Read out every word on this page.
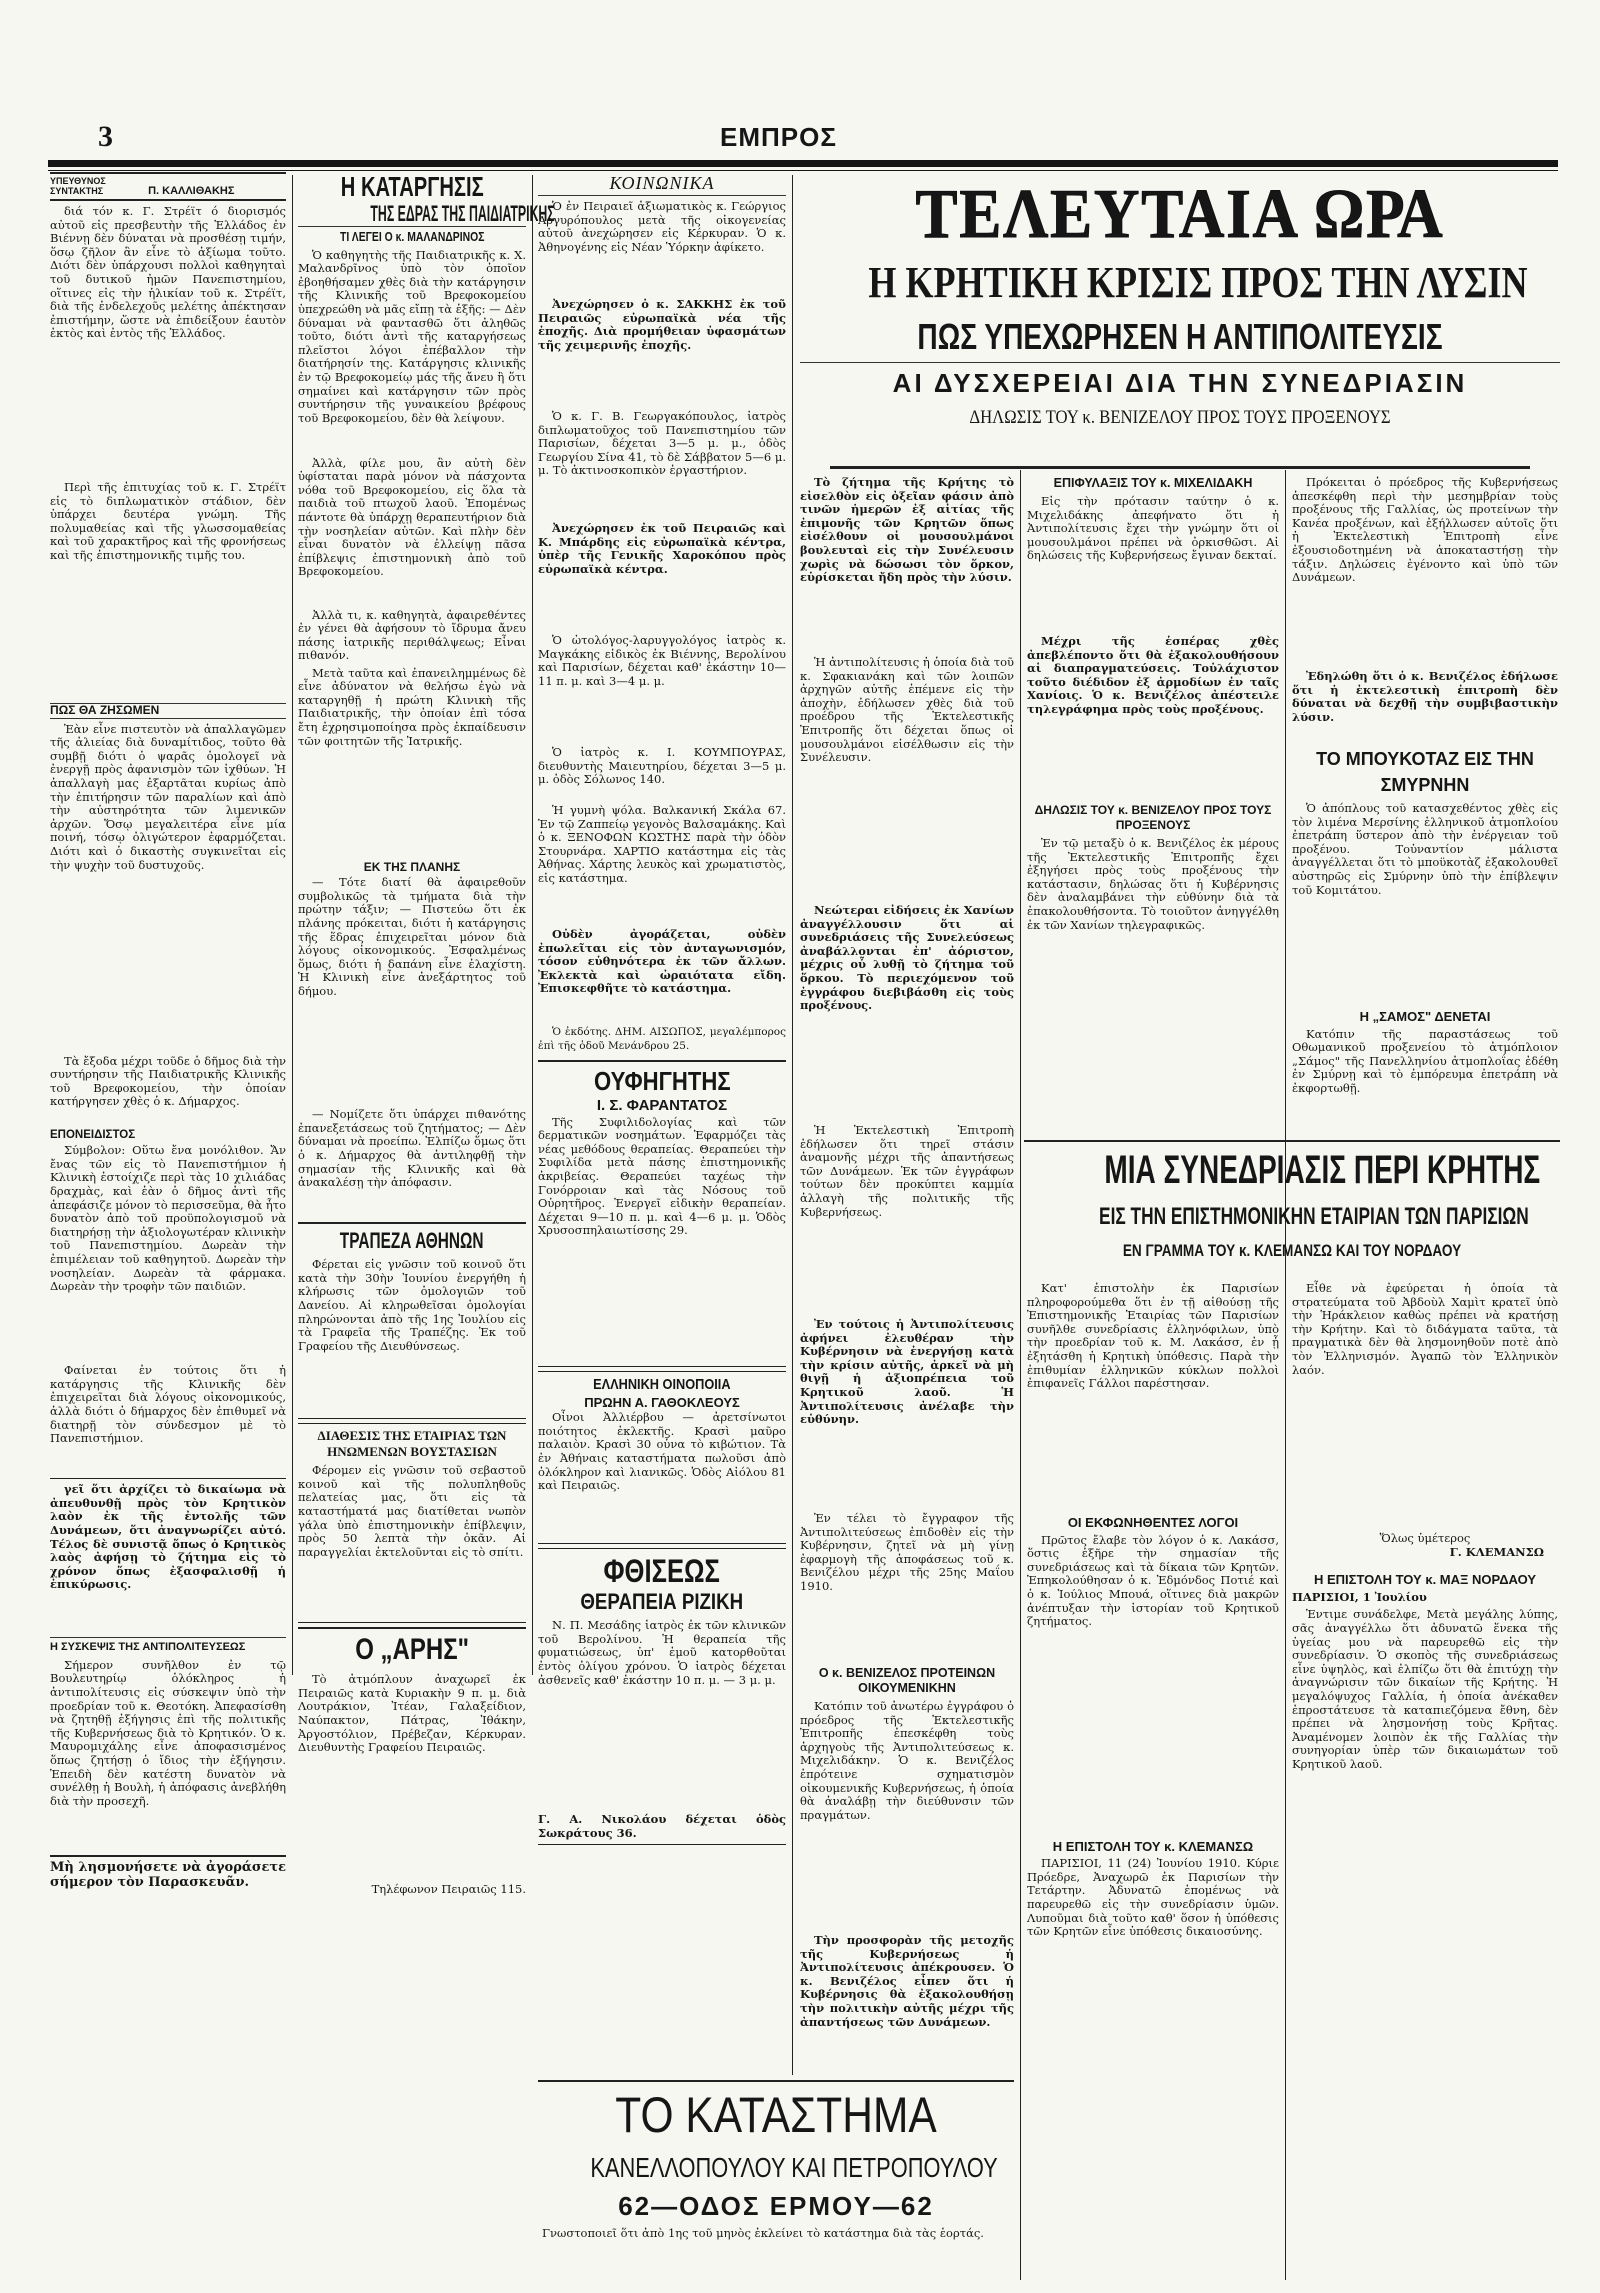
3	ΕΜΠΡΟΣ
ΥΠΕΥΘΥΝΟΣ ΣΥΝΤΑΚΤΗΣ	Π. ΚΑΛΛΙΘΑΚΗΣ

διά τόν κ. Γ. Στρέϊτ ό διορισμός αὐτοῦ εἰς πρεσβευτὴν τῆς Ἑλλάδος ἐν Βιέννῃ δὲν δύναται νὰ προσθέσῃ τιμήν, ὅσῳ ζῆλον ἂν εἶνε τὸ ἀξίωμα τοῦτο. Διότι δὲν ὑπάρχουσι πολλοὶ καθηγηταὶ τοῦ δυτικοῦ ἡμῶν Πανεπιστημίου, οἵτινες εἰς τὴν ἡλικίαν τοῦ κ. Στρέϊτ, διὰ τῆς ἐνδελεχοῦς μελέτης ἀπέκτησαν ἐπιστήμην, ὥστε νὰ ἐπιδείξουν ἑαυτὸν ἐκτὸς καὶ ἐντὸς τῆς Ἑλλάδος.

Περὶ τῆς ἐπιτυχίας τοῦ κ. Γ. Στρέϊτ εἰς τὸ διπλωματικὸν στάδιον, δὲν ὑπάρχει δευτέρα γνώμη. Τῆς πολυμαθείας καὶ τῆς γλωσσομαθείας καὶ τοῦ χαρακτῆρος καὶ τῆς φρονήσεως καὶ τῆς ἐπιστημονικῆς τιμῆς του.

ΠΩΣ ΘΑ ΖΗΣΩΜΕΝ

Ἐὰν εἶνε πιστευτὸν νὰ ἀπαλλαγῶμεν τῆς ἀλιείας διὰ δυναμίτιδος, τοῦτο θὰ συμβῇ διότι ὁ ψαρᾶς ὁμολογεῖ νὰ ἐνεργῇ πρὸς ἀφανισμὸν τῶν ἰχθύων. Ἡ ἀπαλλαγὴ μας ἐξαρτᾶται κυρίως ἀπὸ τὴν ἐπιτήρησιν τῶν παραλίων καὶ ἀπὸ τὴν αὐστηρότητα τῶν λιμενικῶν ἀρχῶν. Ὅσῳ μεγαλειτέρα εἶνε μία ποινή, τόσῳ ὀλιγώτερον ἐφαρμόζεται. Διότι καὶ ὁ δικαστὴς συγκινεῖται εἰς τὴν ψυχὴν τοῦ δυστυχοῦς.

Τὰ ἔξοδα μέχρι τοῦδε ὁ δῆμος διὰ τὴν συντήρησιν τῆς Παιδιατρικῆς Κλινικῆς τοῦ Βρεφοκομείου, τὴν ὁποίαν κατήργησεν χθὲς ὁ κ. Δήμαρχος.

ΕΠΟΝΕΙΔΙΣΤΟΣ

Σύμβολον: Οὕτω ἔνα μονόλιθον. Ἄν ἔνας τῶν εἰς τὸ Πανεπιστήμιον ἡ Κλινικὴ ἐστοίχιζε περὶ τὰς 10 χιλιάδας δραχμὰς, καὶ ἐὰν ὁ δῆμος ἀντὶ τῆς ἀπεφάσιζε μόνον τὸ περισσεῦμα, θὰ ἦτο δυνατὸν ἀπὸ τοῦ προϋπολογισμοῦ νὰ διατηρήσῃ τὴν ἀξιολογωτέραν κλινικὴν τοῦ Πανεπιστημίου. Δωρεὰν τὴν ἐπιμέλειαν τοῦ καθηγητοῦ. Δωρεὰν τὴν νοσηλείαν. Δωρεὰν τὰ φάρμακα. Δωρεὰν τὴν τροφὴν τῶν παιδιῶν.

Φαίνεται ἐν τούτοις ὅτι ἡ κατάργησις τῆς Κλινικῆς δὲν ἐπιχειρεῖται διὰ λόγους οἰκονομικούς, ἀλλὰ διότι ὁ δήμαρχος δὲν ἐπιθυμεῖ νὰ διατηρῇ τὸν σύνδεσμον μὲ τὸ Πανεπιστήμιον.

γεῖ ὅτι ἀρχίζει τὸ δικαίωμα νὰ ἀπευθυνθῇ πρὸς τὸν Κρητικὸν λαὸν ἐκ τῆς ἐντολῆς τῶν Δυνάμεων, ὅτι ἀναγνωρίζει αὐτό. Τέλος δὲ συνιστᾷ ὅπως ὁ Κρητικὸς λαὸς ἀφήσῃ τὸ ζήτημα εἰς τὸ χρόνον ὅπως ἐξασφαλισθῇ ἡ ἐπικύρωσις.

Η ΣΥΣΚΕΨΙΣ ΤΗΣ ΑΝΤΙΠΟΛΙΤΕΥΣΕΩΣ

Σήμερον συνῆλθον ἐν τῷ Βουλευτηρίῳ ὁλόκληρος ἡ ἀντιπολίτευσις εἰς σύσκεψιν ὑπὸ τὴν προεδρίαν τοῦ κ. Θεοτόκη. Ἀπεφασίσθη νὰ ζητηθῇ ἐξήγησις ἐπὶ τῆς πολιτικῆς τῆς Κυβερνήσεως διὰ τὸ Κρητικόν. Ὁ κ. Μαυρομιχάλης εἶνε ἀποφασισμένος ὅπως ζητήσῃ ὁ ἴδιος τὴν ἐξήγησιν. Ἐπειδὴ δὲν κατέστη δυνατὸν νὰ συνέλθῃ ἡ Βουλὴ, ἡ ἀπόφασις ἀνεβλήθη διὰ τὴν προσεχῆ.

Μὴ λησμονήσετε νὰ ἀγοράσετε σήμερον τὸν Παρασκευᾶν.

Η ΚΑΤΑΡΓΗΣΙΣ
ΤΗΣ ΕΔΡΑΣ ΤΗΣ ΠΑΙΔΙΑΤΡΙΚΗΣ
ΤΙ ΛΕΓΕΙ Ο κ. ΜΑΛΑΝΔΡΙΝΟΣ

Ὁ καθηγητὴς τῆς Παιδιατρικῆς κ. Χ. Μαλανδρῖνος ὑπὸ τὸν ὁποῖον ἐβοηθήσαμεν χθὲς διὰ τὴν κατάργησιν τῆς Κλινικῆς τοῦ Βρεφοκομείου ὑπεχρεώθη νὰ μᾶς εἴπῃ τὰ ἑξῆς: — Δὲν δύναμαι νὰ φαντασθῶ ὅτι ἀληθῶς τοῦτο, διότι ἀντὶ τῆς καταργήσεως πλεῖστοι λόγοι ἐπέβαλλον τὴν διατήρησίν της. Κατάργησις κλινικῆς ἐν τῷ Βρεφοκομείῳ μάς τῆς ἄνευ ἢ ὅτι σημαίνει καὶ κατάργησιν τῶν πρὸς συντήρησιν τῆς γυναικείου βρέφους τοῦ Βρεφοκομείου, δὲν θὰ λείψουν.

Ἀλλὰ, φίλε μου, ἂν αὐτὴ δὲν ὑφίσταται παρὰ μόνον νὰ πάσχοντα νόθα τοῦ Βρεφοκομείου, εἰς ὅλα τὰ παιδιὰ τοῦ πτωχοῦ λαοῦ. Ἐπομένως πάντοτε θὰ ὑπάρχῃ θεραπευτήριον διὰ τὴν νοσηλείαν αὐτῶν. Καὶ πλὴν δὲν εἶναι δυνατὸν νὰ ἐλλείψῃ πᾶσα ἐπίβλεψις ἐπιστημονικὴ ἀπὸ τοῦ Βρεφοκομείου.

Ἀλλὰ τι, κ. καθηγητὰ, ἀφαιρεθέντες ἐν γένει θὰ ἀφήσουν τὸ ἴδρυμα ἄνευ πάσης ἰατρικῆς περιθάλψεως; Εἶναι πιθανόν.

Μετὰ ταῦτα καὶ ἐπανειλημμένως δὲ εἶνε ἀδύνατον νὰ θελήσω ἐγὼ νὰ καταργηθῇ ἡ πρώτη Κλινικὴ τῆς Παιδιατρικῆς, τὴν ὁποίαν ἐπὶ τόσα ἔτη ἐχρησιμοποίησα πρὸς ἐκπαίδευσιν τῶν φοιτητῶν τῆς Ἰατρικῆς.

ΕΚ ΤΗΣ ΠΛΑΝΗΣ

— Τότε διατί θὰ ἀφαιρεθοῦν συμβολικῶς τὰ τμήματα διὰ τὴν πρώτην τάξιν; — Πιστεύω ὅτι ἐκ πλάνης πρόκειται, διότι ἡ κατάργησις τῆς ἕδρας ἐπιχειρεῖται μόνον διὰ λόγους οἰκονομικούς. Ἐσφαλμένως ὅμως, διότι ἡ δαπάνη εἶνε ἐλαχίστη. Ἡ Κλινικὴ εἶνε ἀνεξάρτητος τοῦ δήμου.

— Νομίζετε ὅτι ὑπάρχει πιθανότης ἐπανεξετάσεως τοῦ ζητήματος; — Δὲν δύναμαι νὰ προείπω. Ἐλπίζω ὅμως ὅτι ὁ κ. Δήμαρχος θὰ ἀντιληφθῇ τὴν σημασίαν τῆς Κλινικῆς καὶ θὰ ἀνακαλέσῃ τὴν ἀπόφασιν.

ΤΡΑΠΕΖΑ ΑΘΗΝΩΝ

Φέρεται εἰς γνῶσιν τοῦ κοινοῦ ὅτι κατὰ τὴν 30ὴν Ἰουνίου ἐνεργήθη ἡ κλήρωσις τῶν ὁμολογιῶν τοῦ Δανείου. Αἱ κληρωθεῖσαι ὁμολογίαι πληρώνονται ἀπὸ τῆς 1ης Ἰουλίου εἰς τὰ Γραφεῖα τῆς Τραπέζης. Ἐκ τοῦ Γραφείου τῆς Διευθύνσεως.

ΔΙΑΘΕΣΙΣ ΤΗΣ ΕΤΑΙΡΙΑΣ ΤΩΝ ΗΝΩΜΕΝΩΝ ΒΟΥΣΤΑΣΙΩΝ

Φέρομεν εἰς γνῶσιν τοῦ σεβαστοῦ κοινοῦ καὶ τῆς πολυπληθοῦς πελατείας μας, ὅτι εἰς τὰ καταστήματά μας διατίθεται νωπὸν γάλα ὑπὸ ἐπιστημονικὴν ἐπίβλεψιν, πρὸς 50 λεπτὰ τὴν ὀκᾶν. Αἱ παραγγελίαι ἐκτελοῦνται εἰς τὸ σπίτι.

Ο „ΑΡΗΣ"

Τὸ ἀτμόπλουν ἀναχωρεῖ ἐκ Πειραιῶς κατὰ Κυριακὴν 9 π. μ. διὰ Λουτράκιον, Ἰτέαν, Γαλαξείδιον, Ναύπακτον, Πάτρας, Ἰθάκην, Ἀργοστόλιον, Πρέβεζαν, Κέρκυραν. Διευθυντὴς Γραφείου Πειραιῶς.

Τηλέφωνον Πειραιῶς 115.

ΚΟΙΝΩΝΙΚΑ

Ὁ ἐν Πειραιεῖ ἀξιωματικὸς κ. Γεώργιος Ἀργυρόπουλος μετὰ τῆς οἰκογενείας αὐτοῦ ἀνεχώρησεν εἰς Κέρκυραν. Ὁ κ. Ἀθηνογένης εἰς Νέαν Ὑόρκην ἀφίκετο.

Ἀνεχώρησεν ὁ κ. ΣΑΚΚΗΣ ἐκ τοῦ Πειραιῶς εὐρωπαϊκὰ νέα τῆς ἐποχῆς. Διὰ προμήθειαν ὑφασμάτων τῆς χειμερινῆς ἐποχῆς.

Ὁ κ. Γ. Β. Γεωργακόπουλος, ἰατρὸς διπλωματοῦχος τοῦ Πανεπιστημίου τῶν Παρισίων, δέχεται 3—5 μ. μ., ὁδὸς Γεωργίου Σίνα 41, τὸ δὲ Σάββατον 5—6 μ. μ. Τὸ ἀκτινοσκοπικὸν ἐργαστήριον.

Ἀνεχώρησεν ἐκ τοῦ Πειραιῶς καὶ Κ. Μπάρδης εἰς εὐρωπαϊκὰ κέντρα, ὑπὲρ τῆς Γενικῆς Χαροκόπου πρὸς εὐρωπαϊκὰ κέντρα.

Ὁ ὠτολόγος-λαρυγγολόγος ἰατρὸς κ. Μαγκάκης εἰδικὸς ἐκ Βιέννης, Βερολίνου καὶ Παρισίων, δέχεται καθ' ἑκάστην 10—11 π. μ. καὶ 3—4 μ. μ.

Ὁ ἰατρὸς κ. Ι. ΚΟΥΜΠΟΥΡΑΣ, διευθυντὴς Μαιευτηρίου, δέχεται 3—5 μ. μ. ὁδὸς Σόλωνος 140.

Ἡ γυμνὴ ψόλα. Βαλκανική Σκάλα 67. Ἐν τῷ Ζαππείῳ γεγονὸς Βαλσαμάκης. Καὶ ὁ κ. ΞΕΝΟΦΩΝ ΚΩΣΤΗΣ παρὰ τὴν ὁδὸν Στουρνάρα. ΧΑΡΤΙΟ κατάστημα εἰς τὰς Ἀθήνας. Χάρτης λευκὸς καὶ χρωματιστὸς, εἰς κατάστημα.

Οὐδὲν ἀγοράζεται, οὐδὲν ἐπωλεῖται εἰς τὸν ἀνταγωνισμόν, τόσον εὐθηνότερα ἐκ τῶν ἄλλων. Ἐκλεκτὰ καὶ ὠραιότατα εἴδη. Ἐπισκεφθῆτε τὸ κατάστημα.

Ὁ ἐκδότης. ΔΗΜ. ΑΙΣΩΠΟΣ, μεγαλέμπορος ἐπὶ τῆς ὁδοῦ Μενάνδρου 25.

ΟΥΦΗΓΗΤΗΣ
Ι. Σ. ΦΑΡΑΝΤΑΤΟΣ

Τῆς Συφιλιδολογίας καὶ τῶν δερματικῶν νοσημάτων. Ἐφαρμόζει τὰς νέας μεθόδους θεραπείας. Θεραπεύει τὴν Συφιλίδα μετὰ πάσης ἐπιστημονικῆς ἀκριβείας. Θεραπεύει ταχέως τὴν Γονόρροιαν καὶ τὰς Νόσους τοῦ Οὐρητῆρος. Ἐνεργεῖ εἰδικὴν θεραπείαν. Δέχεται 9—10 π. μ. καὶ 4—6 μ. μ. Ὁδὸς Χρυσοσπηλαιωτίσσης 29.

ΕΛΛΗΝΙΚΗ ΟΙΝΟΠΟΙΙΑ
ΠΡΩΗΝ Α. ΓΑΘΟΚΛΕΟΥΣ

Οἶνοι Ἀλλιέρβου — ἀρετσίνωτοι ποιότητος ἐκλεκτῆς. Κρασὶ μαῦρο παλαιὸν. Κρασὶ 30 οὖνα τὸ κιβώτιον. Τὰ ἐν Ἀθήναις καταστήματα πωλοῦσι ἀπὸ ὁλόκληρον καὶ λιανικῶς. Ὁδὸς Αἰόλου 81 καὶ Πειραιῶς.

ΦΘΙΣΕΩΣ
ΘΕΡΑΠΕΙΑ ΡΙΖΙΚΗ

Ν. Π. Μεσάδης ἰατρὸς ἐκ τῶν κλινικῶν τοῦ Βερολίνου. Ἡ θεραπεία τῆς φυματιώσεως, ὑπ' ἐμοῦ κατορθοῦται ἐντὸς ὀλίγου χρόνου. Ὁ ἰατρὸς δέχεται ἀσθενεῖς καθ' ἑκάστην 10 π. μ. — 3 μ. μ.

Γ. Α. Νικολάου δέχεται ὁδὸς Σωκράτους 36.

ΤΕΛΕΥΤΑΙΑ ΩΡΑ
Η ΚΡΗΤΙΚΗ ΚΡΙΣΙΣ ΠΡΟΣ ΤΗΝ ΛΥΣΙΝ
ΠΩΣ ΥΠΕΧΩΡΗΣΕΝ Η ΑΝΤΙΠΟΛΙΤΕΥΣΙΣ
ΑΙ ΔΥΣΧΕΡΕΙΑΙ ΔΙΑ ΤΗΝ ΣΥΝΕΔΡΙΑΣΙΝ
ΔΗΛΩΣΙΣ ΤΟΥ κ. ΒΕΝΙΖΕΛΟΥ ΠΡΟΣ ΤΟΥΣ ΠΡΟΞΕΝΟΥΣ

Τὸ ζήτημα τῆς Κρήτης τὸ εἰσελθὸν εἰς ὀξεῖαν φάσιν ἀπὸ τινῶν ἡμερῶν ἐξ αἰτίας τῆς ἐπιμονῆς τῶν Κρητῶν ὅπως εἰσέλθουν οἱ μουσουλμάνοι βουλευταὶ εἰς τὴν Συνέλευσιν χωρὶς νὰ δώσωσι τὸν ὅρκον, εὑρίσκεται ἤδη πρὸς τὴν λύσιν.

Ἡ ἀντιπολίτευσις ἡ ὁποία διὰ τοῦ κ. Σφακιανάκη καὶ τῶν λοιπῶν ἀρχηγῶν αὐτῆς ἐπέμενε εἰς τὴν ἀποχὴν, ἐδήλωσεν χθὲς διὰ τοῦ προέδρου τῆς Ἐκτελεστικῆς Ἐπιτροπῆς ὅτι δέχεται ὅπως οἱ μουσουλμάνοι εἰσέλθωσιν εἰς τὴν Συνέλευσιν.

Νεώτεραι εἰδήσεις ἐκ Χανίων ἀναγγέλλουσιν ὅτι αἱ συνεδριάσεις τῆς Συνελεύσεως ἀναβάλλονται ἐπ' ἀόριστον, μέχρις οὗ λυθῇ τὸ ζήτημα τοῦ ὅρκου. Τὸ περιεχόμενον τοῦ ἐγγράφου διεβιβάσθη εἰς τοὺς προξένους.

Ἡ Ἐκτελεστικὴ Ἐπιτροπὴ ἐδήλωσεν ὅτι τηρεῖ στάσιν ἀναμονῆς μέχρι τῆς ἀπαντήσεως τῶν Δυνάμεων. Ἐκ τῶν ἐγγράφων τούτων δὲν προκύπτει καμμία ἀλλαγὴ τῆς πολιτικῆς τῆς Κυβερνήσεως.

Ἐν τούτοις ἡ Ἀντιπολίτευσις ἀφήνει ἐλευθέραν τὴν Κυβέρνησιν νὰ ἐνεργήσῃ κατὰ τὴν κρίσιν αὐτῆς, ἀρκεῖ νὰ μὴ θιγῇ ἡ ἀξιοπρέπεια τοῦ Κρητικοῦ λαοῦ. Ἡ Ἀντιπολίτευσις ἀνέλαβε τὴν εὐθύνην.

Ἐν τέλει τὸ ἔγγραφον τῆς Ἀντιπολιτεύσεως ἐπιδοθὲν εἰς τὴν Κυβέρνησιν, ζητεῖ νὰ μὴ γίνῃ ἐφαρμογὴ τῆς ἀποφάσεως τοῦ κ. Βενιζέλου μέχρι τῆς 25ης Μαΐου 1910.

Ο κ. ΒΕΝΙΖΕΛΟΣ ΠΡΟΤΕΙΝΩΝ ΟΙΚΟΥΜΕΝΙΚΗΝ

Κατόπιν τοῦ ἀνωτέρω ἐγγράφου ὁ πρόεδρος τῆς Ἐκτελεστικῆς Ἐπιτροπῆς ἐπεσκέφθη τοὺς ἀρχηγοὺς τῆς Ἀντιπολιτεύσεως κ. Μιχελιδάκην. Ὁ κ. Βενιζέλος ἐπρότεινε σχηματισμὸν οἰκουμενικῆς Κυβερνήσεως, ἡ ὁποία θὰ ἀναλάβῃ τὴν διεύθυνσιν τῶν πραγμάτων.

Τὴν προσφορὰν τῆς μετοχῆς τῆς Κυβερνήσεως ἡ Ἀντιπολίτευσις ἀπέκρουσεν. Ὁ κ. Βενιζέλος εἶπεν ὅτι ἡ Κυβέρνησις θὰ ἐξακολουθήσῃ τὴν πολιτικὴν αὐτῆς μέχρι τῆς ἀπαντήσεως τῶν Δυνάμεων.

ΕΠΙΦΥΛΑΞΙΣ ΤΟΥ κ. ΜΙΧΕΛΙΔΑΚΗ

Εἰς τὴν πρότασιν ταύτην ὁ κ. Μιχελιδάκης ἀπεφήνατο ὅτι ἡ Ἀντιπολίτευσις ἔχει τὴν γνώμην ὅτι οἱ μουσουλμάνοι πρέπει νὰ ὀρκισθῶσι. Αἱ δηλώσεις τῆς Κυβερνήσεως ἔγιναν δεκταί.

Μέχρι τῆς ἑσπέρας χθὲς ἀπεβλέποντο ὅτι θὰ ἐξακολουθήσουν αἱ διαπραγματεύσεις. Τοὐλάχιστον τοῦτο διέδιδον ἐξ ἀρμοδίων ἐν ταῖς Χανίοις. Ὁ κ. Βενιζέλος ἀπέστειλε τηλεγράφημα πρὸς τοὺς προξένους.

ΔΗΛΩΣΙΣ ΤΟΥ κ. ΒΕΝΙΖΕΛΟΥ ΠΡΟΣ ΤΟΥΣ ΠΡΟΞΕΝΟΥΣ

Ἐν τῷ μεταξὺ ὁ κ. Βενιζέλος ἐκ μέρους τῆς Ἐκτελεστικῆς Ἐπιτροπῆς ἔχει ἐξηγήσει πρὸς τοὺς προξένους τὴν κατάστασιν, δηλώσας ὅτι ἡ Κυβέρνησις δὲν ἀναλαμβάνει τὴν εὐθύνην διὰ τὰ ἐπακολουθήσοντα. Τὸ τοιοῦτον ἀνηγγέλθη ἐκ τῶν Χανίων τηλεγραφικῶς.

Πρόκειται ὁ πρόεδρος τῆς Κυβερνήσεως ἀπεσκέφθη περὶ τὴν μεσημβρίαν τοὺς προξένους τῆς Γαλλίας, ὡς προτείνων τὴν Κανέα προξένων, καὶ ἐξήλλωσεν αὐτοῖς ὅτι ἡ Ἐκτελεστικὴ Ἐπιτροπὴ εἶνε ἐξουσιοδοτημένη νὰ ἀποκαταστήσῃ τὴν τάξιν. Δηλώσεις ἐγένοντο καὶ ὑπὸ τῶν Δυνάμεων.

Ἐδηλώθη ὅτι ὁ κ. Βενιζέλος ἐδήλωσε ὅτι ἡ ἐκτελεστικὴ ἐπιτροπὴ δὲν δύναται νὰ δεχθῇ τὴν συμβιβαστικὴν λύσιν.

ΤΟ ΜΠΟΥΚΟΤΑΖ ΕΙΣ ΤΗΝ ΣΜΥΡΝΗΝ

Ὁ ἀπόπλους τοῦ κατασχεθέντος χθὲς εἰς τὸν λιμένα Μερσίνης ἑλληνικοῦ ἀτμοπλοίου ἐπετράπη ὕστερον ἀπὸ τὴν ἐνέργειαν τοῦ προξένου. Τοὐναντίον μάλιστα ἀναγγέλλεται ὅτι τὸ μποϋκοτὰζ ἐξακολουθεῖ αὐστηρῶς εἰς Σμύρνην ὑπὸ τὴν ἐπίβλεψιν τοῦ Κομιτάτου.

Η „ΣΑΜΟΣ" ΔΕΝΕΤΑΙ

Κατόπιν τῆς παραστάσεως τοῦ Οθωμανικοῦ προξενείου τὸ ἀτμόπλοιον „Σάμος" τῆς Πανελληνίου ἀτμοπλοΐας ἐδέθη ἐν Σμύρνῃ καὶ τὸ ἐμπόρευμα ἐπετράπη νὰ ἐκφορτωθῇ.

ΜΙΑ ΣΥΝΕΔΡΙΑΣΙΣ ΠΕΡΙ ΚΡΗΤΗΣ
ΕΙΣ ΤΗΝ ΕΠΙΣΤΗΜΟΝΙΚΗΝ ΕΤΑΙΡΙΑΝ ΤΩΝ ΠΑΡΙΣΙΩΝ
ΕΝ ΓΡΑΜΜΑ ΤΟΥ κ. ΚΛΕΜΑΝΣΩ ΚΑΙ ΤΟΥ ΝΟΡΔΑΟΥ

Κατ' ἐπιστολὴν ἐκ Παρισίων πληροφορούμεθα ὅτι ἐν τῇ αἰθούσῃ τῆς Ἐπιστημονικῆς Ἑταιρίας τῶν Παρισίων συνῆλθε συνεδρίασις ἑλληνόφιλων, ὑπὸ τὴν προεδρίαν τοῦ κ. Μ. Λακάσσ, ἐν ᾗ ἐξητάσθη ἡ Κρητικὴ ὑπόθεσις. Παρὰ τὴν ἐπιθυμίαν ἑλληνικῶν κύκλων πολλοὶ ἐπιφανεῖς Γάλλοι παρέστησαν.

ΟΙ ΕΚΦΩΝΗΘΕΝΤΕΣ ΛΟΓΟΙ

Πρῶτος ἔλαβε τὸν λόγον ὁ κ. Λακάσσ, ὅστις ἐξῆρε τὴν σημασίαν τῆς συνεδριάσεως καὶ τὰ δίκαια τῶν Κρητῶν. Ἐπηκολούθησαν ὁ κ. Ἐδμόνδος Ποτιέ καὶ ὁ κ. Ἰούλιος Μπουά, οἵτινες διὰ μακρῶν ἀνέπτυξαν τὴν ἱστορίαν τοῦ Κρητικοῦ ζητήματος.

Η ΕΠΙΣΤΟΛΗ ΤΟΥ κ. ΚΛΕΜΑΝΣΩ

ΠΑΡΙΣΙΟΙ, 11 (24) Ἰουνίου 1910. Κύριε Πρόεδρε, Ἀναχωρῶ ἐκ Παρισίων τὴν Τετάρτην. Ἀδυνατῶ ἑπομένως νὰ παρευρεθῶ εἰς τὴν συνεδρίασιν ὑμῶν. Λυποῦμαι διὰ τοῦτο καθ' ὅσον ἡ ὑπόθεσις τῶν Κρητῶν εἶνε ὑπόθεσις δικαιοσύνης.

Εἶθε νὰ ἐφεύρεται ἡ ὁποία τὰ στρατεύματα τοῦ Ἀβδοὺλ Χαμὶτ κρατεῖ ὑπὸ τὴν Ἡράκλειον καθὼς πρέπει νὰ κρατήσῃ τὴν Κρήτην. Καὶ τὸ διδάγματα ταῦτα, τὰ πραγματικὰ δὲν θὰ λησμονηθοῦν ποτὲ ἀπὸ τὸν Ἑλληνισμόν. Ἀγαπῶ τὸν Ἑλληνικὸν λαόν.

Ὅλως ὑμέτερος
Γ. ΚΛΕΜΑΝΣΩ
Η ΕΠΙΣΤΟΛΗ ΤΟΥ κ. ΜΑΞ ΝΟΡΔΑΟΥ
ΠΑΡΙΣΙΟΙ, 1 Ἰουλίου

Ἐντιμε συνάδελφε, Μετὰ μεγάλης λύπης, σᾶς ἀναγγέλλω ὅτι ἀδυνατῶ ἕνεκα τῆς ὑγείας μου νὰ παρευρεθῶ εἰς τὴν συνεδρίασιν. Ὁ σκοπὸς τῆς συνεδριάσεως εἶνε ὑψηλὸς, καὶ ἐλπίζω ὅτι θὰ ἐπιτύχῃ τὴν ἀναγνώρισιν τῶν δικαίων τῆς Κρήτης. Ἡ μεγαλόψυχος Γαλλία, ἡ ὁποία ἀνέκαθεν ἐπροστάτευσε τὰ καταπιεζόμενα ἔθνη, δὲν πρέπει νὰ λησμονήσῃ τοὺς Κρῆτας. Ἀναμένομεν λοιπὸν ἐκ τῆς Γαλλίας τὴν συνηγορίαν ὑπὲρ τῶν δικαιωμάτων τοῦ Κρητικοῦ λαοῦ.

ΤΟ ΚΑΤΑΣΤΗΜΑ
ΚΑΝΕΛΛΟΠΟΥΛΟΥ ΚΑΙ ΠΕΤΡΟΠΟΥΛΟΥ
62—ΟΔΟΣ ΕΡΜΟΥ—62

Γνωστοποιεῖ ὅτι ἀπὸ 1ης τοῦ μηνὸς ἐκλείνει τὸ κατάστημα διὰ τὰς ἑορτάς.
